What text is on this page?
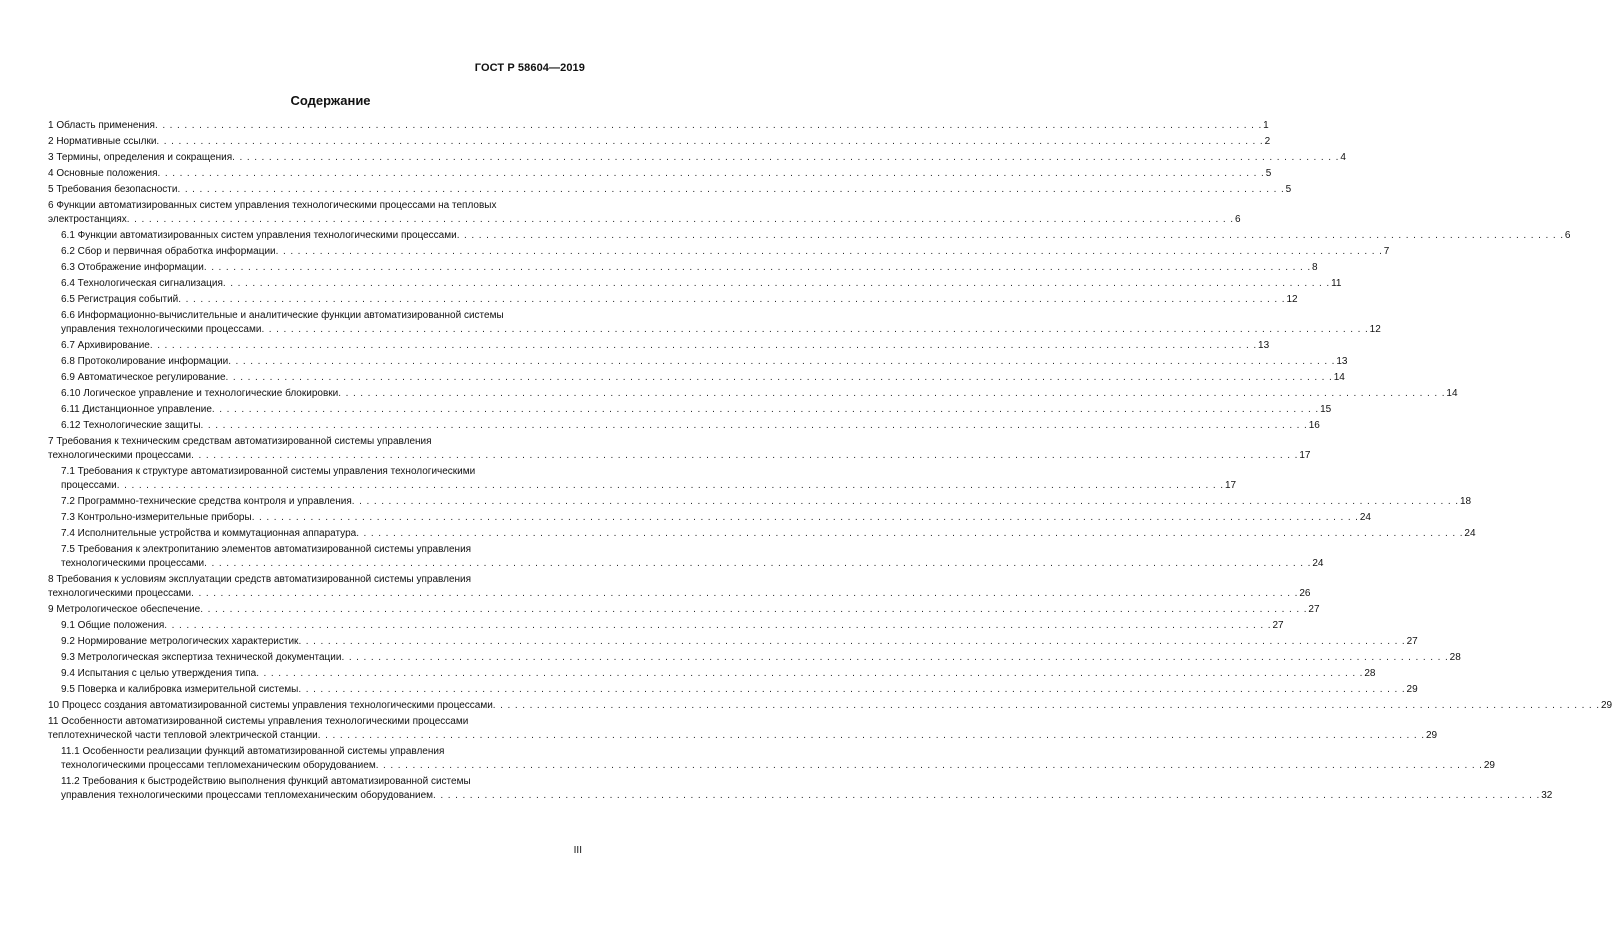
ГОСТ Р 58604—2019
Содержание
1 Область применения . . .	1
2 Нормативные ссылки . . .	2
3 Термины, определения и сокращения . . .	4
4 Основные положения . . .	5
5 Требования безопасности . . .	5
6 Функции автоматизированных систем управления технологическими процессами на тепловых
электростанциях . . .	6
6.1 Функции автоматизированных систем управления технологическими процессами . . .	6
6.2 Сбор и первичная обработка информации . . .	7
6.3 Отображение информации . . .	8
6.4 Технологическая сигнализация . . .	11
6.5 Регистрация событий . . .	12
6.6 Информационно-вычислительные и аналитические функции автоматизированной системы
управления технологическими процессами . . .	12
6.7 Архивирование . . .	13
6.8 Протоколирование информации . . .	13
6.9 Автоматическое регулирование . . .	14
6.10 Логическое управление и технологические блокировки . . .	14
6.11 Дистанционное управление . . .	15
6.12 Технологические защиты . . .	16
7 Требования к техническим средствам автоматизированной системы управления
технологическими процессами . . .	17
7.1 Требования к структуре автоматизированной системы управления технологическими
процессами . . .	17
7.2 Программно-технические средства контроля и управления . . .	18
7.3 Контрольно-измерительные приборы . . .	24
7.4 Исполнительные устройства и коммутационная аппаратура . . .	24
7.5 Требования к электропитанию элементов автоматизированной системы управления
технологическими процессами . . .	24
8 Требования к условиям эксплуатации средств автоматизированной системы управления
технологическими процессами . . .	26
9 Метрологическое обеспечение . . .	27
9.1 Общие положения . . .	27
9.2 Нормирование метрологических характеристик . . .	27
9.3 Метрологическая экспертиза технической документации . . .	28
9.4 Испытания с целью утверждения типа . . .	28
9.5 Поверка и калибровка измерительной системы . . .	29
10 Процесс создания автоматизированной системы управления технологическими процессами . . .	29
11 Особенности автоматизированной системы управления технологическими процессами
теплотехнической части тепловой электрической станции . . .	29
11.1 Особенности реализации функций автоматизированной системы управления
технологическими процессами тепломеханическим оборудованием . . .	29
11.2 Требования к быстродействию выполнения функций автоматизированной системы
управления технологическими процессами тепломеханическим оборудованием . . .	32
III
